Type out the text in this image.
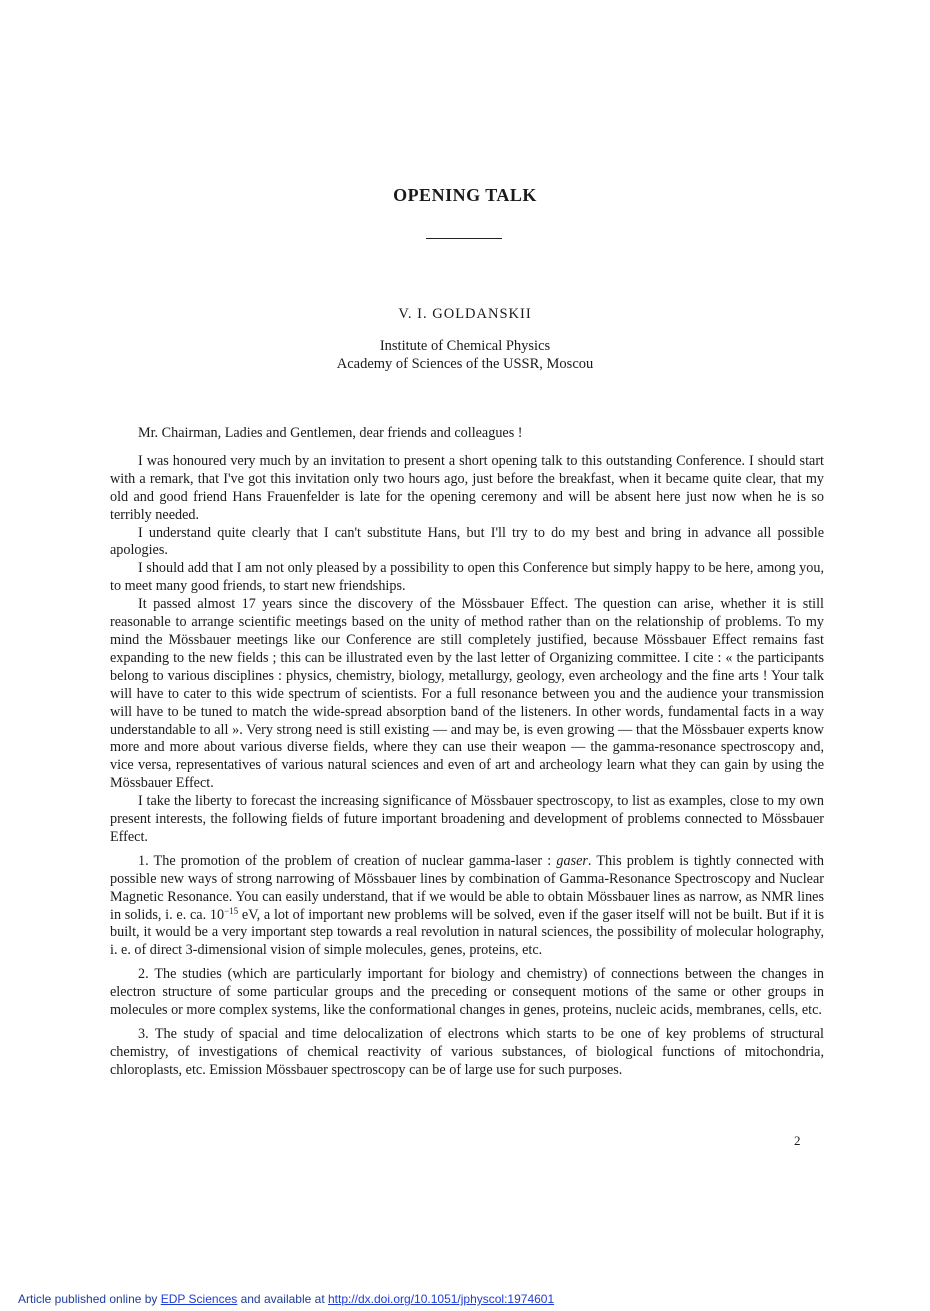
OPENING TALK
V. I. GOLDANSKII
Institute of Chemical Physics
Academy of Sciences of the USSR, Moscou

Mr. Chairman, Ladies and Gentlemen, dear friends and colleagues !

I was honoured very much by an invitation to present a short opening talk to this outstanding Conference. I should start with a remark, that I've got this invitation only two hours ago, just before the breakfast, when it became quite clear, that my old and good friend Hans Frauenfelder is late for the opening ceremony and will be absent here just now when he is so terribly needed.

I understand quite clearly that I can't substitute Hans, but I'll try to do my best and bring in advance all possible apologies.

I should add that I am not only pleased by a possibility to open this Conference but simply happy to be here, among you, to meet many good friends, to start new friendships.

It passed almost 17 years since the discovery of the Mössbauer Effect. The question can arise, whether it is still reasonable to arrange scientific meetings based on the unity of method rather than on the relationship of problems. To my mind the Mössbauer meetings like our Conference are still completely justified, because Mössbauer Effect remains fast expanding to the new fields ; this can be illustrated even by the last letter of Organizing committee. I cite : « the participants belong to various disciplines : physics, chemistry, biology, metallurgy, geology, even archeology and the fine arts ! Your talk will have to cater to this wide spectrum of scientists. For a full resonance between you and the audience your transmission will have to be tuned to match the wide-spread absorption band of the listeners. In other words, fundamental facts in a way understandable to all ». Very strong need is still existing — and may be, is even growing — that the Mössbauer experts know more and more about various diverse fields, where they can use their weapon — the gamma-resonance spectroscopy and, vice versa, representatives of various natural sciences and even of art and archeology learn what they can gain by using the Mössbauer Effect.

I take the liberty to forecast the increasing significance of Mössbauer spectroscopy, to list as examples, close to my own present interests, the following fields of future important broadening and development of problems connected to Mössbauer Effect.

1. The promotion of the problem of creation of nuclear gamma-laser : gaser. This problem is tightly connected with possible new ways of strong narrowing of Mössbauer lines by combination of Gamma-Resonance Spectroscopy and Nuclear Magnetic Resonance. You can easily understand, that if we would be able to obtain Mössbauer lines as narrow, as NMR lines in solids, i. e. ca. $10^{-15}$ eV, a lot of important new problems will be solved, even if the gaser itself will not be built. But if it is built, it would be a very important step towards a real revolution in natural sciences, the possibility of molecular holography, i. e. of direct 3-dimensional vision of simple molecules, genes, proteins, etc.

2. The studies (which are particularly important for biology and chemistry) of connections between the changes in electron structure of some particular groups and the preceding or consequent motions of the same or other groups in molecules or more complex systems, like the conformational changes in genes, proteins, nucleic acids, membranes, cells, etc.

3. The study of spacial and time delocalization of electrons which starts to be one of key problems of structural chemistry, of investigations of chemical reactivity of various substances, of biological functions of mitochondria, chloroplasts, etc. Emission Mössbauer spectroscopy can be of large use for such purposes.

2
Article published online by EDP Sciences and available at http://dx.doi.org/10.1051/jphyscol:1974601
